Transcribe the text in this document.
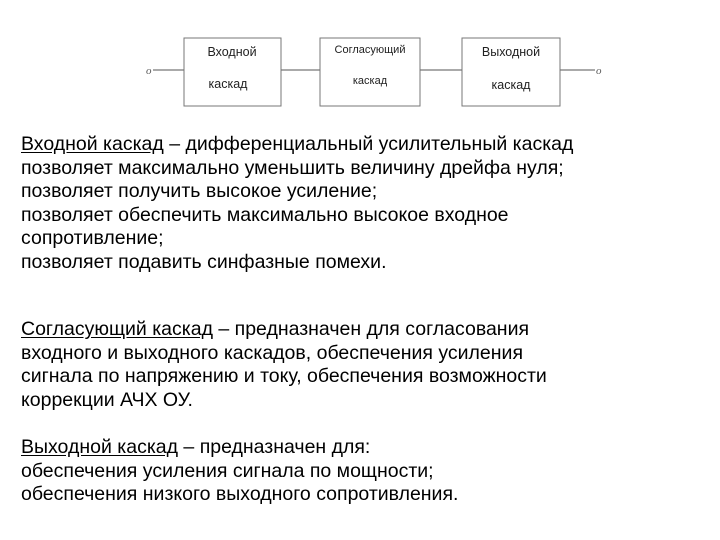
o	o
Входной
каскад
Согласующий
каскад
Выходной
каскад
Входной каскад – дифференциальный усилительный каскад
позволяет максимально уменьшить величину дрейфа нуля;
позволяет получить высокое усиление;
позволяет обеспечить максимально высокое входное
сопротивление;
позволяет подавить синфазные помехи.
Согласующий каскад – предназначен для согласования
входного и выходного каскадов, обеспечения усиления
сигнала по напряжению и току, обеспечения возможности
коррекции АЧХ ОУ.
Выходной каскад – предназначен для:
обеспечения усиления сигнала по мощности;
обеспечения низкого выходного сопротивления.
